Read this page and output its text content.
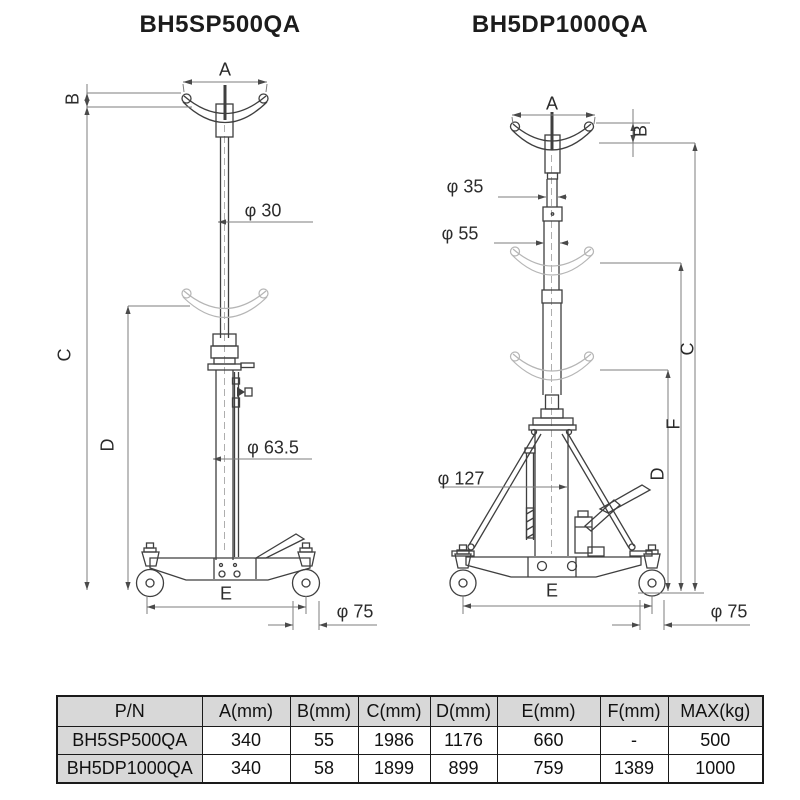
BH5SP500QA	BH5DP1000QA
A
B
φ 30
C
D	φ 63.5
E
φ 75
A
B
φ 35
φ 55
C
F
D
φ 127
E
φ 75
P/N	A(mm)	B(mm)	C(mm)	D(mm)	E(mm)	F(mm)	MAX(kg)
BH5SP500QA	340	55	1986	1176	660	-	500
BH5DP1000QA	340	58	1899	899	759	1389	1000
